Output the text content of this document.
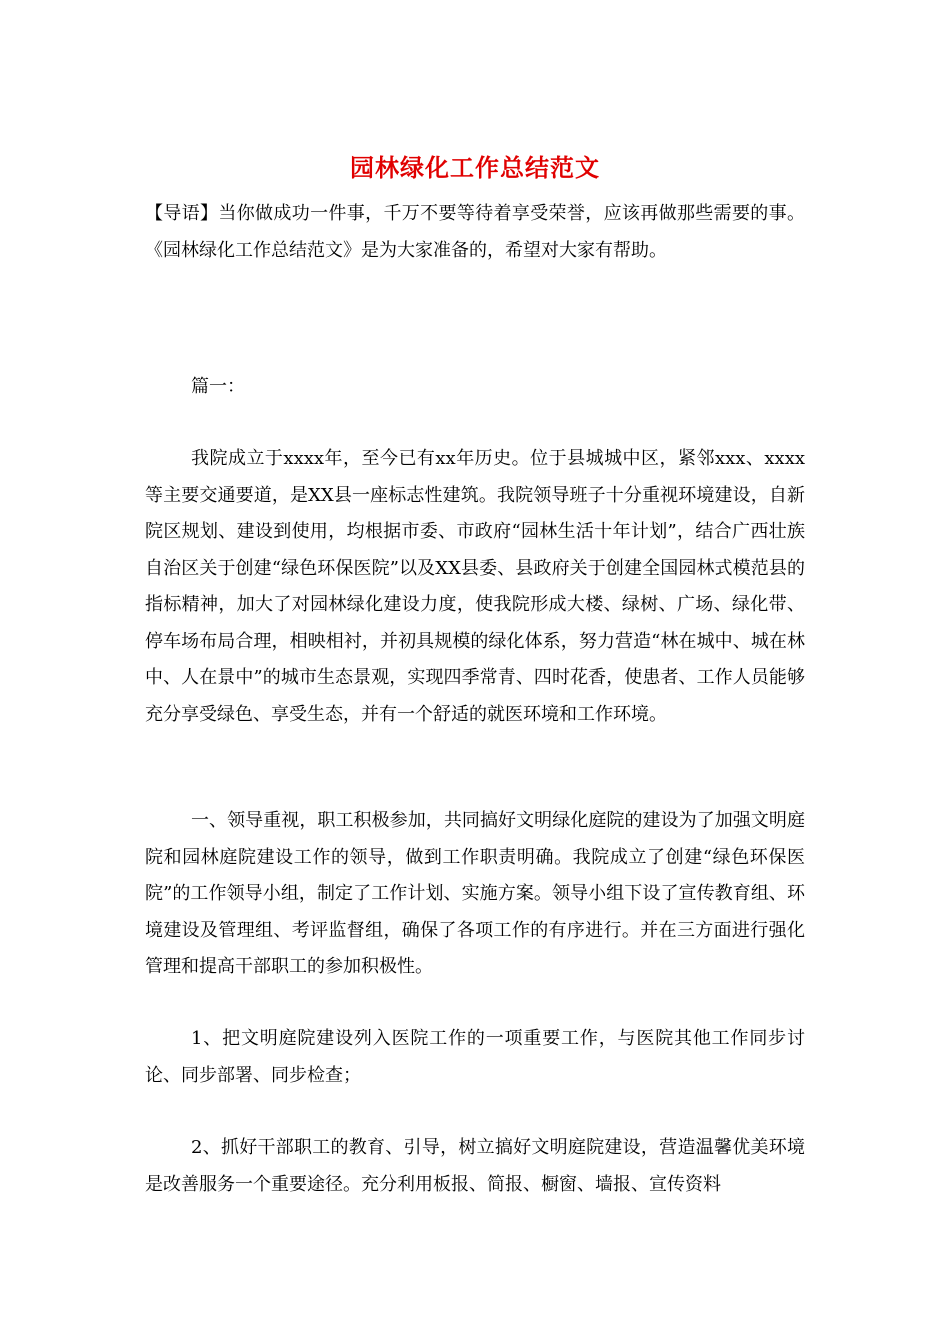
园林绿化工作总结范文

【导语】当你做成功一件事，千万不要等待着享受荣誉，应该再做那些需要的事。《园林绿化工作总结范文》是为大家准备的，希望对大家有帮助。

篇一：

我院成立于xxxx年，至今已有xx年历史。位于县城城中区，紧邻xxx、xxxx等主要交通要道，是XX县一座标志性建筑。我院领导班子十分重视环境建设，自新院区规划、建设到使用，均根据市委、市政府“园林生活十年计划”，结合广西壮族自治区关于创建“绿色环保医院”以及XX县委、县政府关于创建全国园林式模范县的指标精神，加大了对园林绿化建设力度，使我院形成大楼、绿树、广场、绿化带、停车场布局合理，相映相衬，并初具规模的绿化体系，努力营造“林在城中、城在林中、人在景中”的城市生态景观，实现四季常青、四时花香，使患者、工作人员能够充分享受绿色、享受生态，并有一个舒适的就医环境和工作环境。

一、领导重视，职工积极参加，共同搞好文明绿化庭院的建设为了加强文明庭院和园林庭院建设工作的领导，做到工作职责明确。我院成立了创建“绿色环保医院”的工作领导小组，制定了工作计划、实施方案。领导小组下设了宣传教育组、环境建设及管理组、考评监督组，确保了各项工作的有序进行。并在三方面进行强化管理和提高干部职工的参加积极性。

1、把文明庭院建设列入医院工作的一项重要工作，与医院其他工作同步讨论、同步部署、同步检查；

2、抓好干部职工的教育、引导，树立搞好文明庭院建设，营造温馨优美环境是改善服务一个重要途径。充分利用板报、简报、橱窗、墙报、宣传资料
